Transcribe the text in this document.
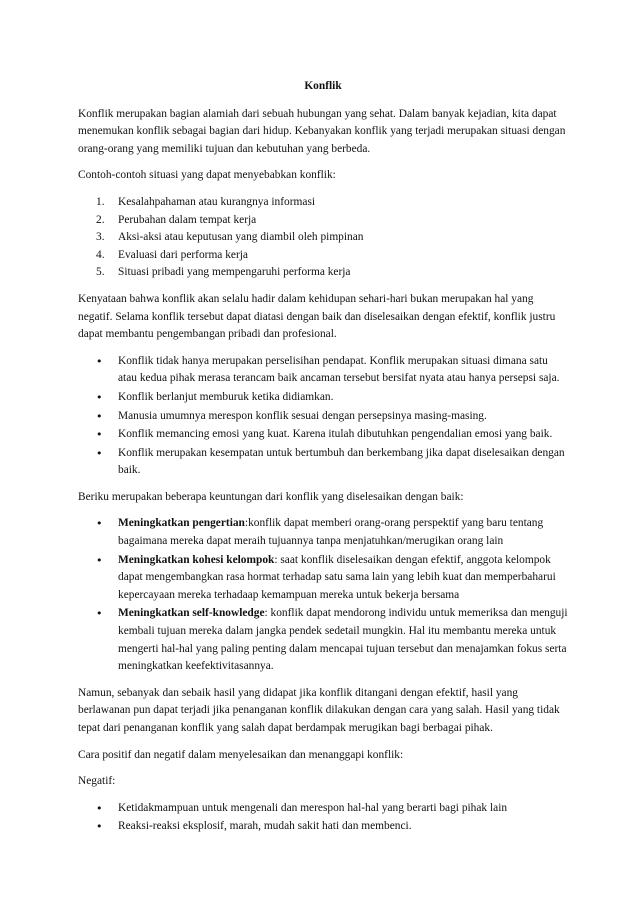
Konflik

Konflik merupakan bagian alamiah dari sebuah hubungan yang sehat. Dalam banyak kejadian, kita dapat menemukan konflik sebagai bagian dari hidup. Kebanyakan konflik yang terjadi merupakan situasi dengan orang-orang yang memiliki tujuan dan kebutuhan yang berbeda.

Contoh-contoh situasi yang dapat menyebabkan konflik:

1. Kesalahpahaman atau kurangnya informasi
2. Perubahan dalam tempat kerja
3. Aksi-aksi atau keputusan yang diambil oleh pimpinan
4. Evaluasi dari performa kerja
5. Situasi pribadi yang mempengaruhi performa kerja

Kenyataan bahwa konflik akan selalu hadir dalam kehidupan sehari-hari bukan merupakan hal yang negatif. Selama konflik tersebut dapat diatasi dengan baik dan diselesaikan dengan efektif, konflik justru dapat membantu pengembangan pribadi dan profesional.

• Konflik tidak hanya merupakan perselisihan pendapat. Konflik merupakan situasi dimana satu atau kedua pihak merasa terancam baik ancaman tersebut bersifat nyata atau hanya persepsi saja.
• Konflik berlanjut memburuk ketika didiamkan.
• Manusia umumnya merespon konflik sesuai dengan persepsinya masing-masing.
• Konflik memancing emosi yang kuat. Karena itulah dibutuhkan pengendalian emosi yang baik.
• Konflik merupakan kesempatan untuk bertumbuh dan berkembang jika dapat diselesaikan dengan baik.

Beriku merupakan beberapa keuntungan dari konflik yang diselesaikan dengan baik:

• Meningkatkan pengertian:konflik dapat memberi orang-orang perspektif yang baru tentang bagaimana mereka dapat meraih tujuannya tanpa menjatuhkan/merugikan orang lain
• Meningkatkan kohesi kelompok: saat konflik diselesaikan dengan efektif, anggota kelompok dapat mengembangkan rasa hormat terhadap satu sama lain yang lebih kuat dan memperbaharui kepercayaan mereka terhadaap kemampuan mereka untuk bekerja bersama
• Meningkatkan self-knowledge: konflik dapat mendorong individu untuk memeriksa dan menguji kembali tujuan mereka dalam jangka pendek sedetail mungkin. Hal itu membantu mereka untuk mengerti hal-hal yang paling penting dalam mencapai tujuan tersebut dan menajamkan fokus serta meningkatkan keefektivitasannya.

Namun, sebanyak dan sebaik hasil yang didapat jika konflik ditangani dengan efektif, hasil yang berlawanan pun dapat terjadi jika penanganan konflik dilakukan dengan cara yang salah. Hasil yang tidak tepat dari penanganan konflik yang salah dapat berdampak merugikan bagi berbagai pihak.

Cara positif dan negatif dalam menyelesaikan dan menanggapi konflik:

Negatif:

• Ketidakmampuan untuk mengenali dan merespon hal-hal yang berarti bagi pihak lain
• Reaksi-reaksi eksplosif, marah, mudah sakit hati dan membenci.
